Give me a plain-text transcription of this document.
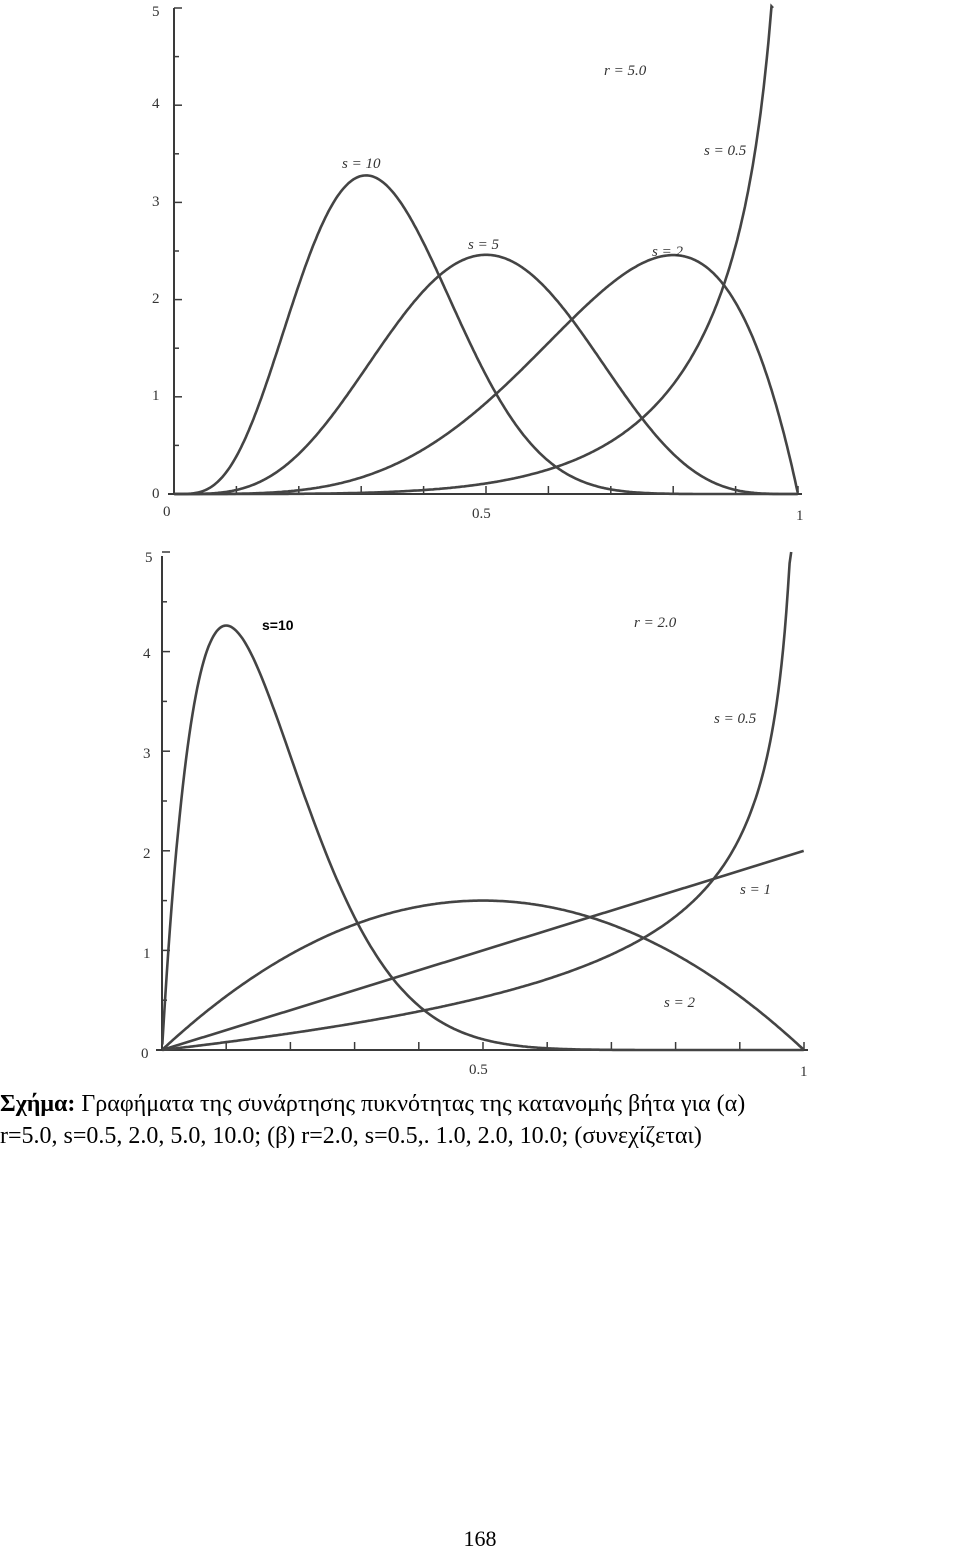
0
1
2
3
4
5
0	0.5	1
r = 5.0
s = 0.5
s = 2
s = 5
s = 10
0
1
2
3
4
5
0.5	1
r = 2.0
s = 0.5
s = 1
s = 2
s=10
Σχήμα: Γραφήματα της συνάρτησης πυκνότητας της κατανομής βήτα για (α)
r=5.0, s=0.5, 2.0, 5.0, 10.0; (β) r=2.0, s=0.5,. 1.0, 2.0, 10.0; (συνεχίζεται)
168
